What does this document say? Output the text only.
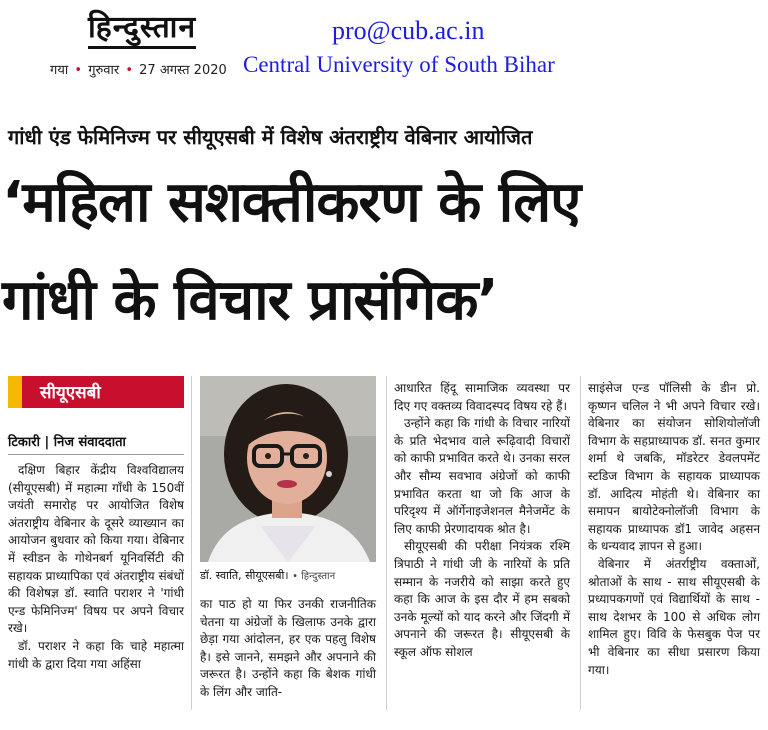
हिन्दुस्तान
गया • गुरुवार • 27 अगस्त 2020
pro@cub.ac.in
Central University of South Bihar
गांधी एंड फेमिनिज्म पर सीयूएसबी में विशेष अंतराष्ट्रीय वेबिनार आयोजित
‘महिला सशक्तीकरण के लिए
गांधी के विचार प्रासंगिक’
सीयूएसबी
टिकारी | निज संवाददाता

दक्षिण बिहार केंद्रीय विश्वविद्यालय (सीयूएसबी) में महात्मा गाँधी के 150वीं जयंती समारोह पर आयोजित विशेष अंतराष्ट्रीय वेबिनार के दूसरे व्याख्यान का आयोजन बुधवार को किया गया। वेबिनार में स्वीडन के गोथेनबर्ग यूनिवर्सिटी की सहायक प्राध्यापिका एवं अंतराष्ट्रीय संबंधों की विशेषज्ञ डॉ. स्वाति पराशर ने 'गांधी एन्ड फेमिनिज्म' विषय पर अपने विचार रखे।

डॉ. पराशर ने कहा कि चाहे महात्मा गांधी के द्वारा दिया गया अहिंसा

डॉ. स्वाति, सीयूएसबी। • हिन्दुस्तान

का पाठ हो या फिर उनकी राजनीतिक चेतना या अंग्रेजों के खिलाफ उनके द्वारा छेड़ा गया आंदोलन, हर एक पहलु विशेष है। इसे जानने, समझने और अपनाने की जरूरत है। उन्होंने कहा कि बेशक गांधी के लिंग और जाति-

आधारित हिंदू सामाजिक व्यवस्था पर दिए गए वक्तव्य विवादस्पद विषय रहे हैं।

उन्होंने कहा कि गांधी के विचार नारियों के प्रति भेदभाव वाले रूढ़िवादी विचारों को काफी प्रभावित करते थे। उनका सरल और सौम्य सवभाव अंग्रेजों को काफी प्रभावित करता था जो कि आज के परिदृश्य में ऑर्गेनाइजेशनल मैनेजमेंट के लिए काफी प्रेरणादायक श्रोत है।

सीयूएसबी की परीक्षा नियंत्रक रश्मि त्रिपाठी ने गांधी जी के नारियों के प्रति सम्मान के नजरीये को साझा करते हुए कहा कि आज के इस दौर में हम सबको उनके मूल्यों को याद करने और जिंदगी में अपनाने की जरूरत है। सीयूएसबी के स्कूल ऑफ सोशल

साइंसेज एन्ड पॉलिसी के डीन प्रो. कृष्णन चलिल ने भी अपने विचार रखे। वेबिनार का संयोजन सोशियोलॉजी विभाग के सहप्राध्यापक डॉ. सनत कुमार शर्मा थे जबकि, मॉडरेटर डेवलपमेंट स्टडिज विभाग के सहायक प्राध्यापक डॉ. आदित्य मोहंती थे। वेबिनार का समापन बायोटेक्नोलॉजी विभाग के सहायक प्राध्यापक डॉ1 जावेद अहसन के धन्यवाद ज्ञापन से हुआ।

वेबिनार में अंतर्राष्ट्रीय वक्ताओं, श्रोताओं के साथ - साथ सीयूएसबी के प्रध्यापकगणों एवं विद्यार्थियों के साथ - साथ देशभर के 100 से अधिक लोग शामिल हुए। विवि के फेसबुक पेज पर भी वेबिनार का सीधा प्रसारण किया गया।
